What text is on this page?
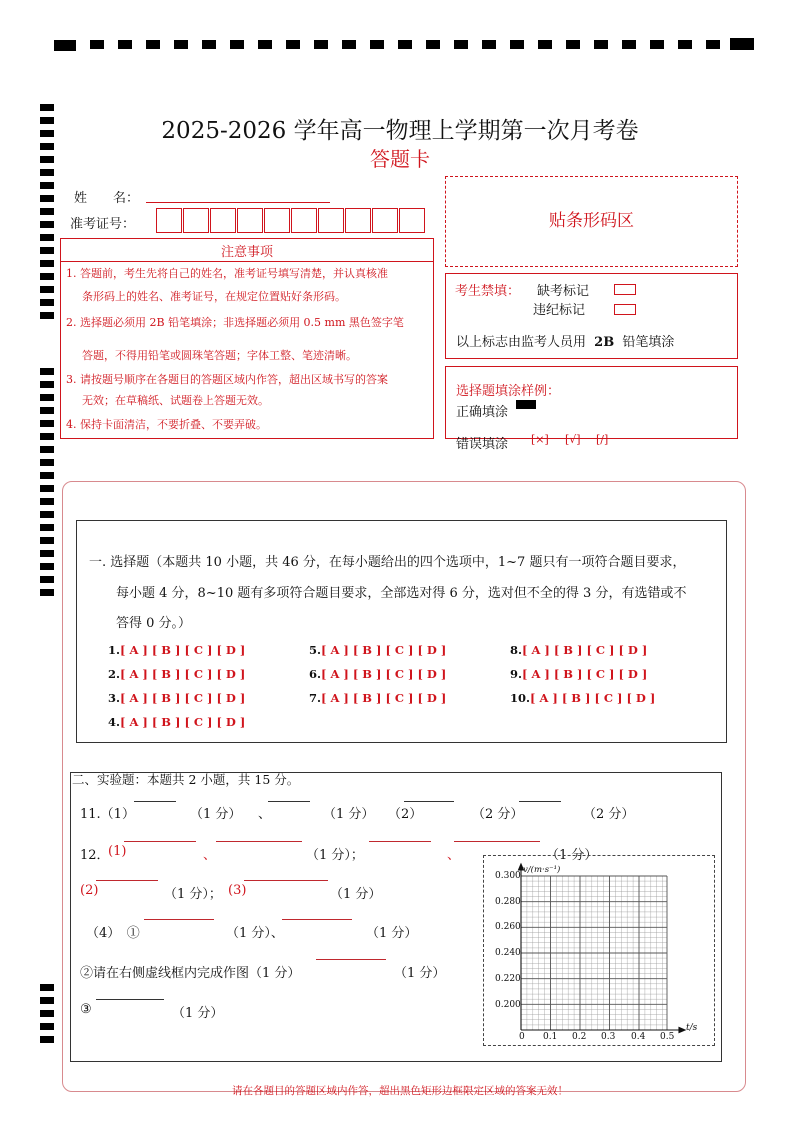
2025-2026 学年高一物理上学期第一次月考卷
答题卡
姓　　名：
准考证号：	贴条形码区
注意事项
1. 答题前，考生先将自己的姓名，准考证号填写清楚，并认真核准
条形码上的姓名、准考证号，在规定位置贴好条形码。
2. 选择题必须用 2B 铅笔填涂；非选择题必须用 0.5 mm 黑色签字笔
答题，不得用铅笔或圆珠笔答题；字体工整、笔迹清晰。
3. 请按题号顺序在各题目的答题区域内作答，超出区域书写的答案
无效；在草稿纸、试题卷上答题无效。
4. 保持卡面清洁，不要折叠、不要弄破。
考生禁填： 缺考标记
违纪标记
以上标志由监考人员用 2B 铅笔填涂
选择题填涂样例：
正确填涂
错误填涂 [×] [√] [/]
一. 选择题（本题共 10 小题，共 46 分，在每小题给出的四个选项中，1~7 题只有一项符合题目要求，
每小题 4 分，8~10 题有多项符合题目要求，全部选对得 6 分，选对但不全的得 3 分，有选错或不
答得 0 分。）
1.[ A ] [ B ] [ C ] [ D ]
2.[ A ] [ B ] [ C ] [ D ]
3.[ A ] [ B ] [ C ] [ D ]
4.[ A ] [ B ] [ C ] [ D ]
5.[ A ] [ B ] [ C ] [ D ]
6.[ A ] [ B ] [ C ] [ D ]
7.[ A ] [ B ] [ C ] [ D ]
8.[ A ] [ B ] [ C ] [ D ]
9.[ A ] [ B ] [ C ] [ D ]
10.[ A ] [ B ] [ C ] [ D ]
二、实验题：本题共 2 小题，共 15 分。
11.（1）	（1 分） 、	（1 分） （2）	（2 分）	（2 分）
12．
(1)	、	（1 分）；	、	（1 分）
(2)	（1 分）； (3)	（1 分）
（4）　①	（1 分）、	（1 分）
②请在右侧虚线框内完成作图（1 分）	（1 分）
③	（1 分）
v/(m·s⁻¹)
t/s
0.300
0.280
0.260
0.240
0.220
0.200
0 0.1 0.2 0.3 0.4 0.5
请在各题目的答题区域内作答，超出黑色矩形边框限定区域的答案无效！
